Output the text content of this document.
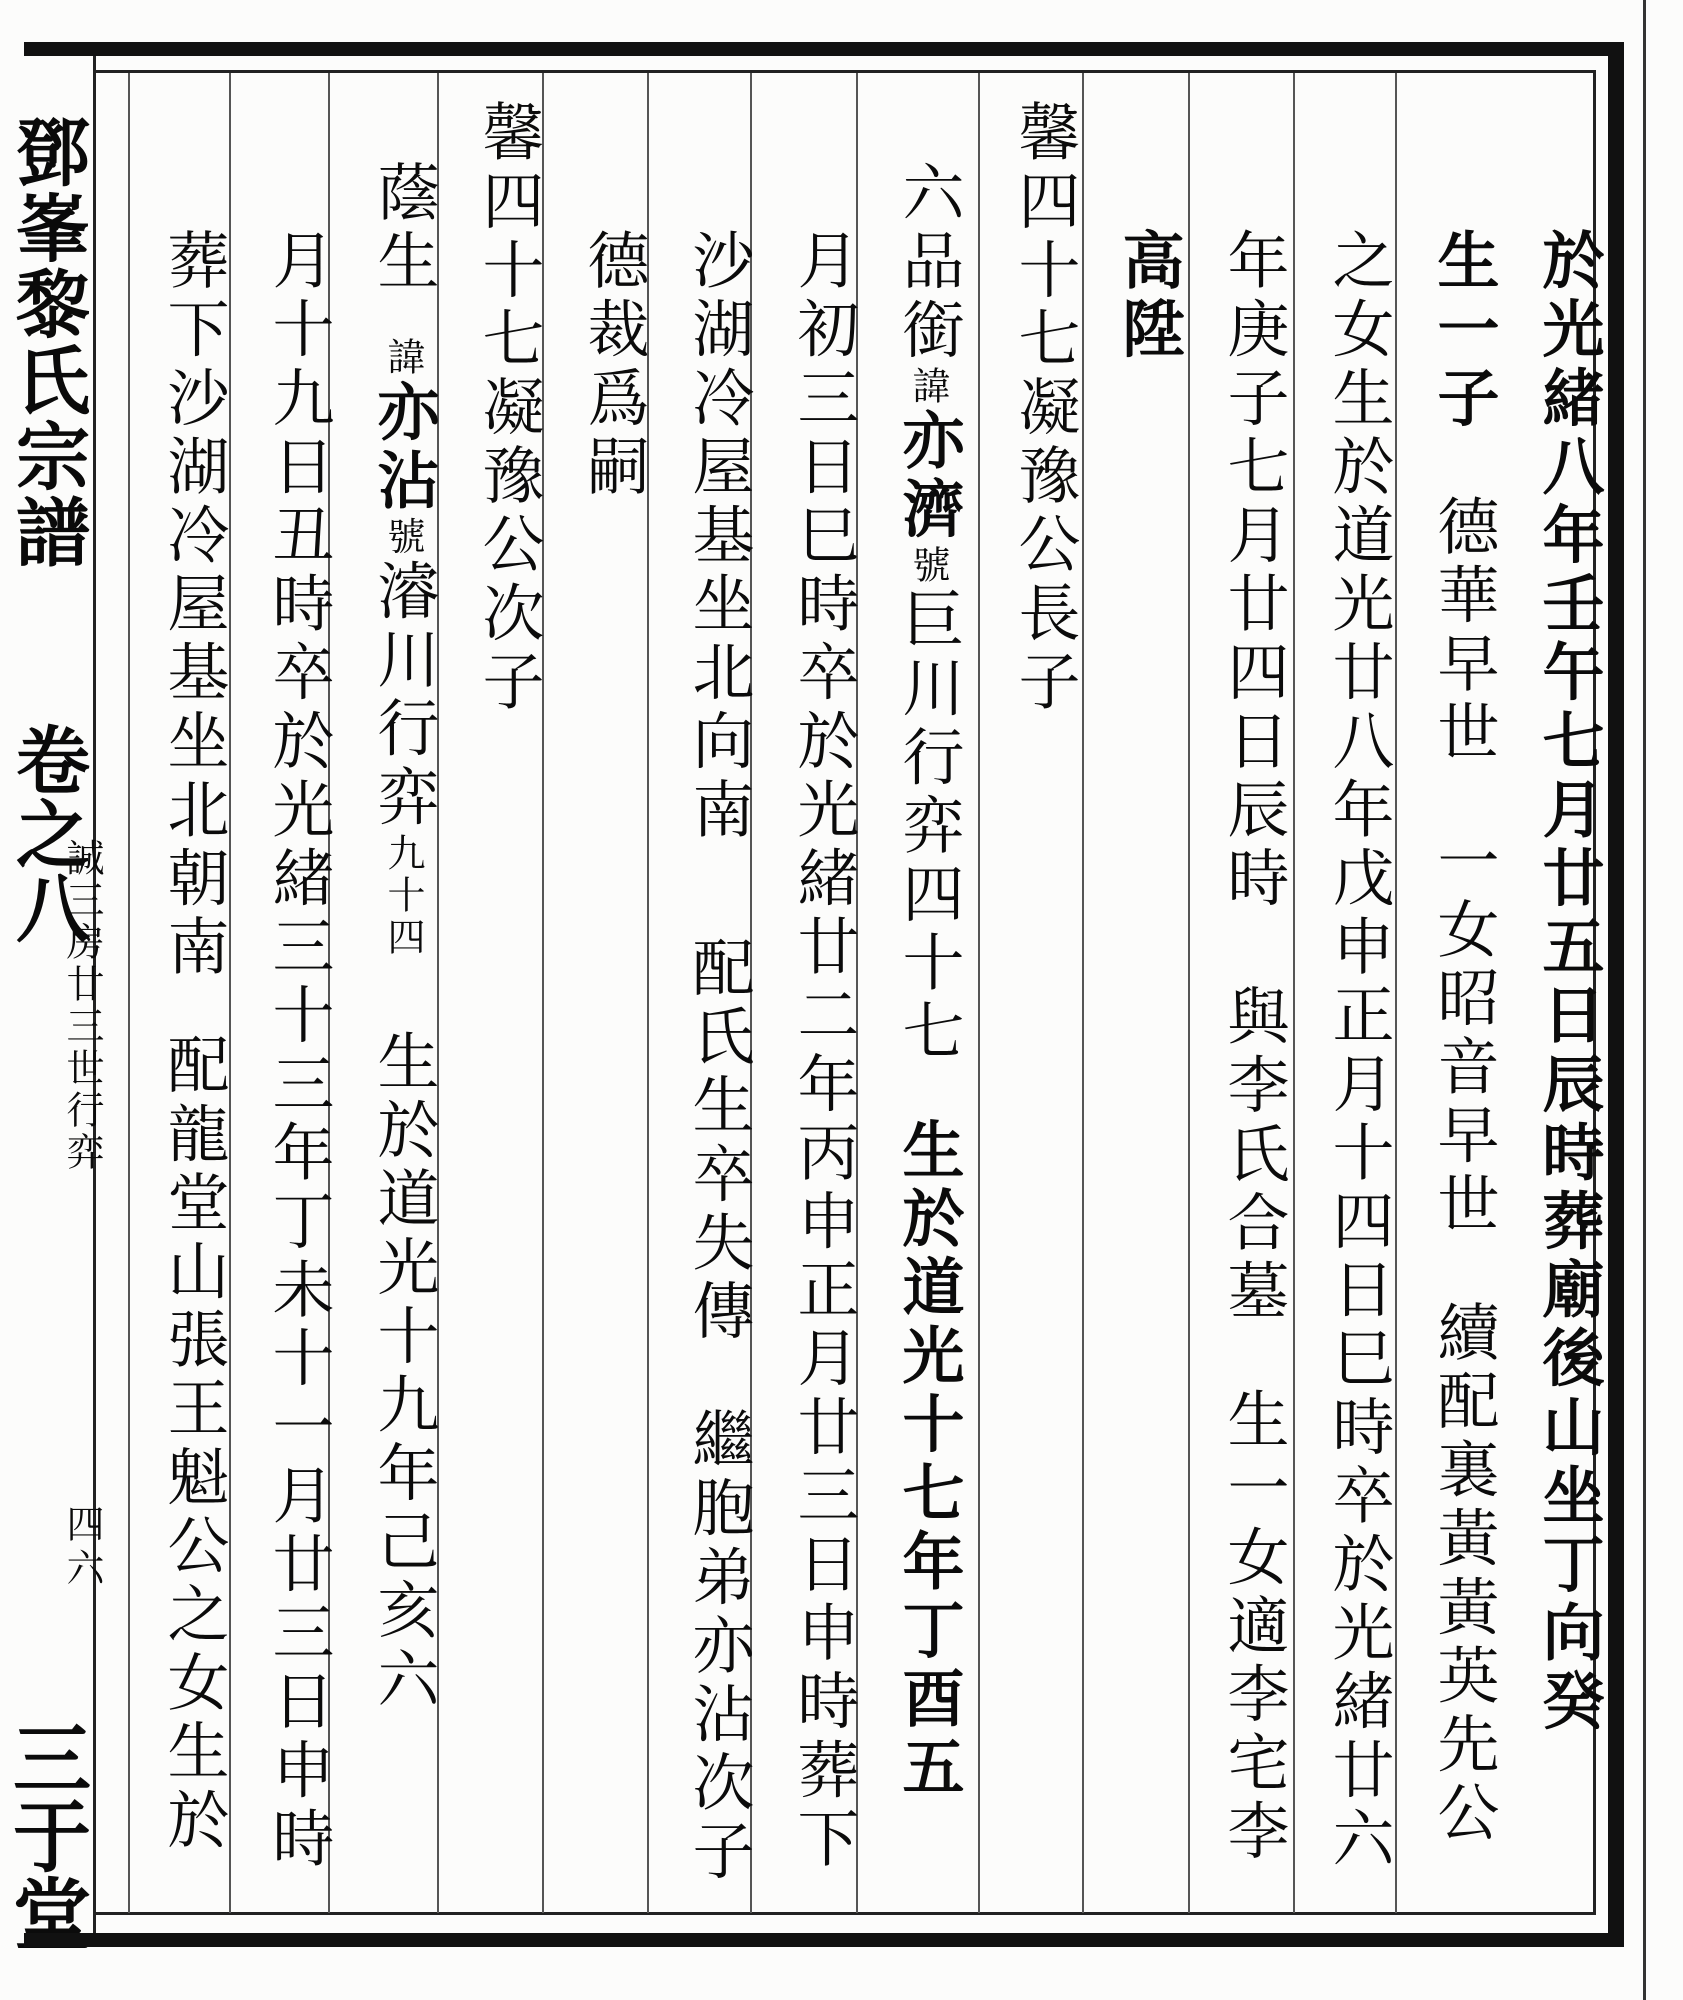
鄧峯黎氏宗譜
卷之八
誠三房廿三世行弈
四六
三于堂
於光緒八年壬午七月廿五日辰時葬廟後山坐丁向癸
生一子德華早世一女昭音早世續配裏黃黃英先公
之女生於道光廿八年戊申正月十四日巳時卒於光緒廿六
年庚子七月廿四日辰時與李氏合墓生一女適李宅李
高陞
馨四十七凝豫公長子
六品銜諱亦濟號巨川行弈四十七生於道光十七年丁酉五
月初三日巳時卒於光緒廿二年丙申正月廿三日申時葬下
沙湖冷屋基坐北向南配氏生卒失傳繼胞弟亦沾次子
德裁爲嗣
馨四十七凝豫公次子
蔭生諱亦沾號濬川行弈九十四生於道光十九年己亥六
月十九日丑時卒於光緒三十三年丁未十一月廿三日申時
葬下沙湖冷屋基坐北朝南配龍堂山張王魁公之女生於
